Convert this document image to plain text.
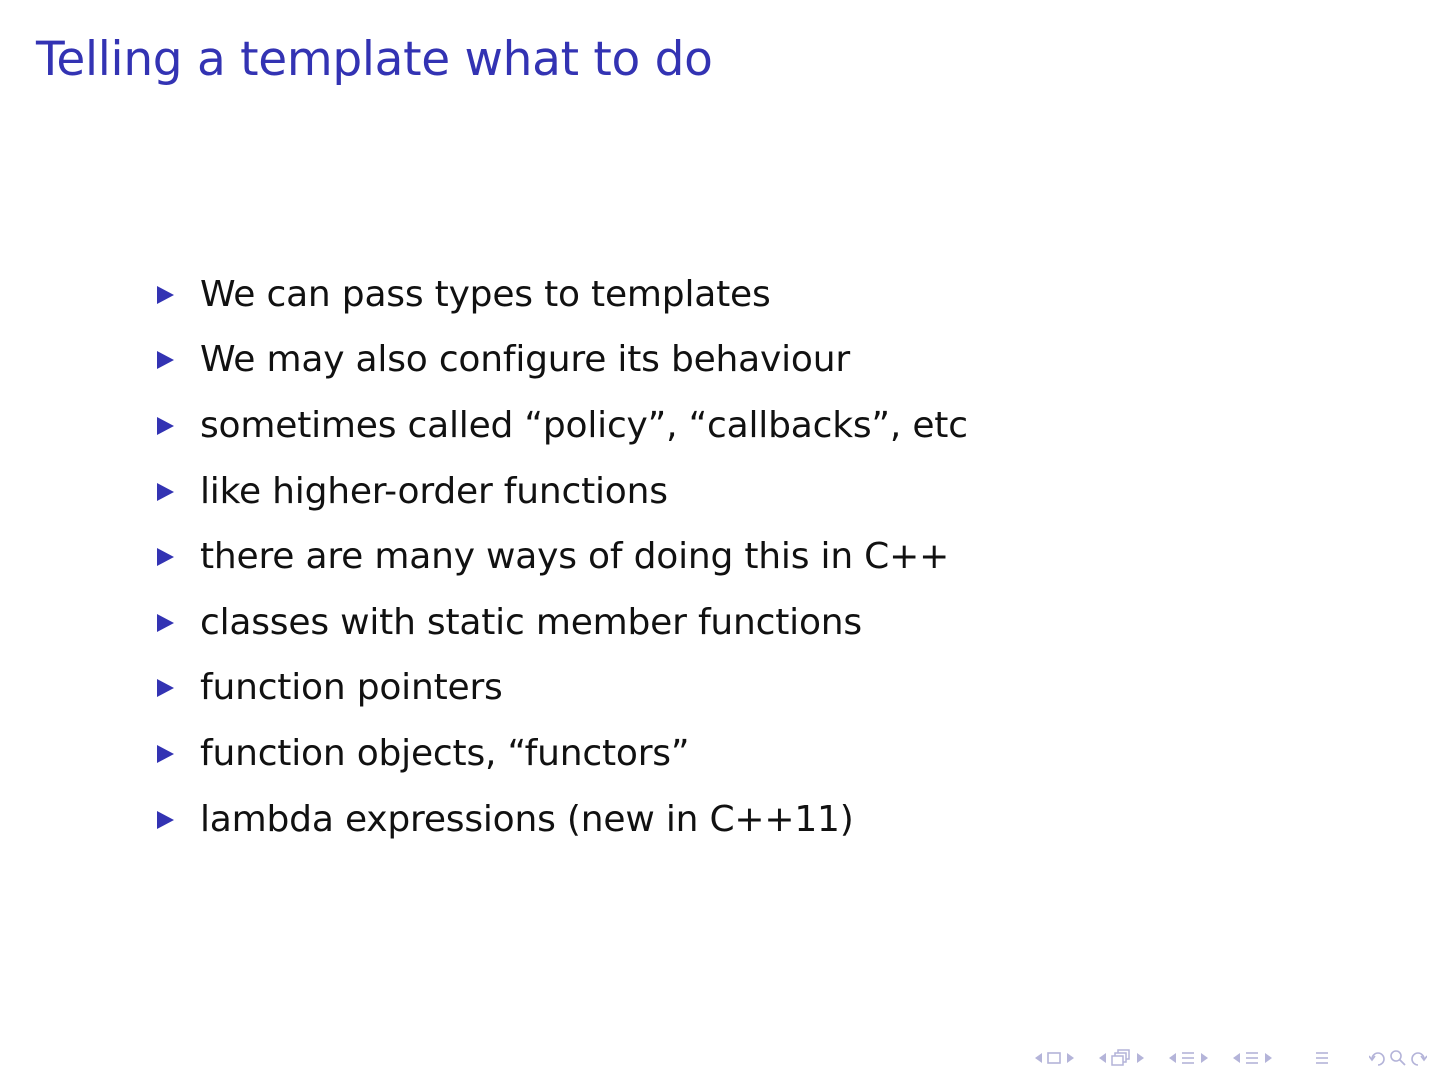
Telling a template what to do
We can pass types to templates
We may also configure its behaviour
sometimes called “policy”, “callbacks”, etc
like higher-order functions
there are many ways of doing this in C++
classes with static member functions
function pointers
function objects, “functors”
lambda expressions (new in C++11)
